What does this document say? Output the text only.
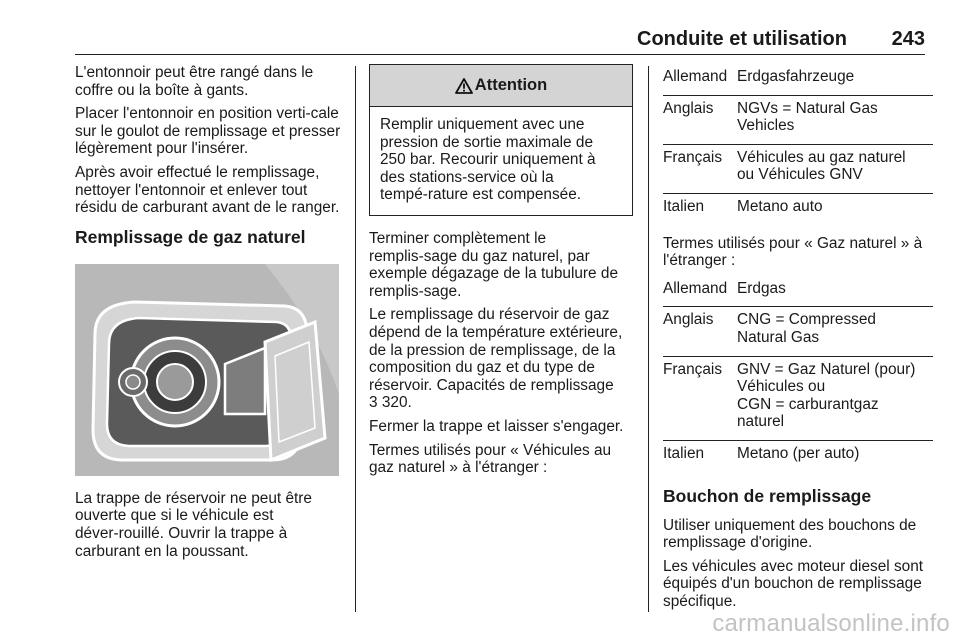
Conduite et utilisation 243

L'entonnoir peut être rangé dans le coffre ou la boîte à gants.

Placer l'entonnoir en position verti‑cale sur le goulot de remplissage et presser légèrement pour l'insérer.

Après avoir effectué le remplissage, nettoyer l'entonnoir et enlever tout résidu de carburant avant de le ranger.

Remplissage de gaz naturel

La trappe de réservoir ne peut être ouverte que si le véhicule est déver‑rouillé. Ouvrir la trappe à carburant en la poussant.

Attention
Remplir uniquement avec une pression de sortie maximale de 250 bar. Recourir uniquement à des stations-service où la tempé‑rature est compensée.

Terminer complètement le remplis‑sage du gaz naturel, par exemple dégazage de la tubulure de remplis‑sage.

Le remplissage du réservoir de gaz dépend de la température extérieure, de la pression de remplissage, de la composition du gaz et du type de réservoir. Capacités de remplissage
3 320.

Fermer la trappe et laisser s'engager.

Termes utilisés pour « Véhicules au gaz naturel » à l'étranger :

Allemand	Erdgasfahrzeuge

Anglais	NGVs = Natural Gas
Vehicles

Français	Véhicules au gaz naturel
ou Véhicules GNV

Italien	Metano auto

Termes utilisés pour « Gaz naturel » à l'étranger :

Allemand	Erdgas

Anglais	CNG = Compressed
Natural Gas

Français	GNV = Gaz Naturel (pour)
Véhicules ou
CGN = carburantgaz
naturel

Italien	Metano (per auto)
Bouchon de remplissage

Utiliser uniquement des bouchons de remplissage d'origine.

Les véhicules avec moteur diesel sont équipés d'un bouchon de remplissage spécifique.

carmanualsonline.info
